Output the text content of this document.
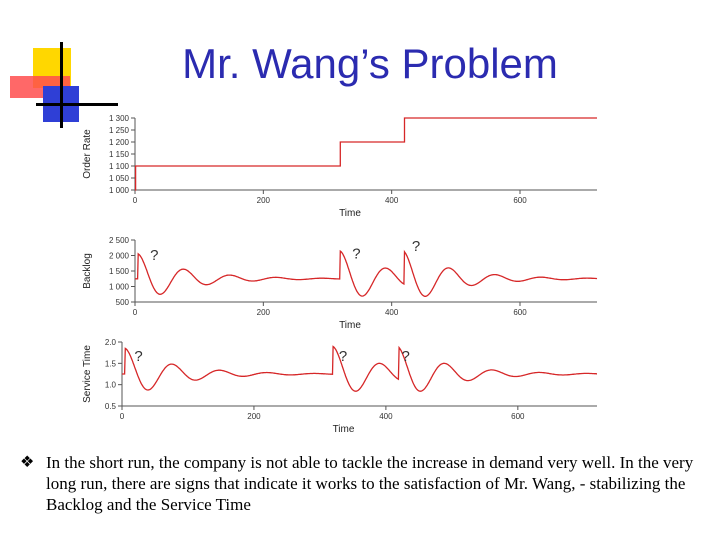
Mr. Wang’s Problem
1 000
1 050
1 100
1 150
1 200
1 250
1 300
0	200	400	600
Time
Order Rate
500
1 000
1 500
2 000
2 500
0	200	400	600
Time
Backlog	?	?	?
0.5
1.0
1.5
2.0
0	200	400	600
Time
Service Time	?	?	?
❖ In the short run, the company is not able to tackle the increase in demand very well. In the very long run, there are signs that indicate it works to the satisfaction of Mr. Wang, - stabilizing the Backlog and the Service Time
